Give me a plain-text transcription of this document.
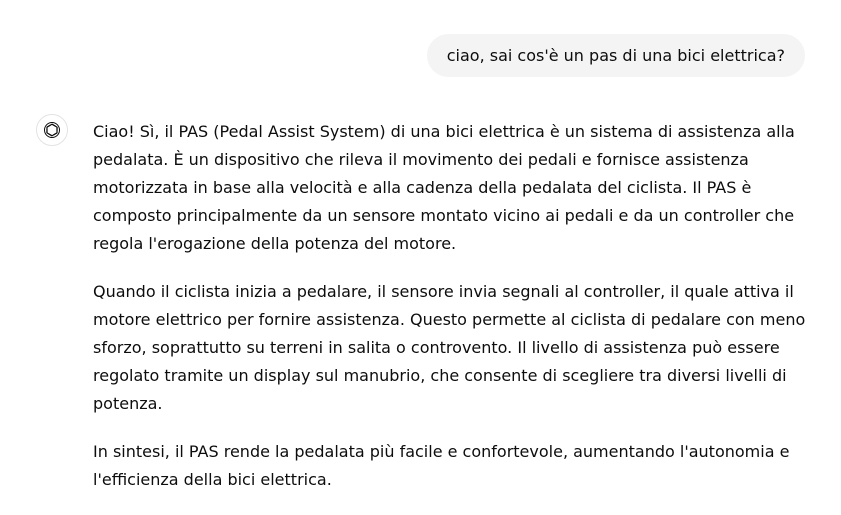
ciao, sai cos'è un pas di una bici elettrica?

Ciao! Sì, il PAS (Pedal Assist System) di una bici elettrica è un sistema di assistenza alla pedalata. È un dispositivo che rileva il movimento dei pedali e fornisce assistenza motorizzata in base alla velocità e alla cadenza della pedalata del ciclista. Il PAS è composto principalmente da un sensore montato vicino ai pedali e da un controller che regola l'erogazione della potenza del motore.

Quando il ciclista inizia a pedalare, il sensore invia segnali al controller, il quale attiva il motore elettrico per fornire assistenza. Questo permette al ciclista di pedalare con meno sforzo, soprattutto su terreni in salita o controvento. Il livello di assistenza può essere regolato tramite un display sul manubrio, che consente di scegliere tra diversi livelli di potenza.

In sintesi, il PAS rende la pedalata più facile e confortevole, aumentando l'autonomia e l'efficienza della bici elettrica.
